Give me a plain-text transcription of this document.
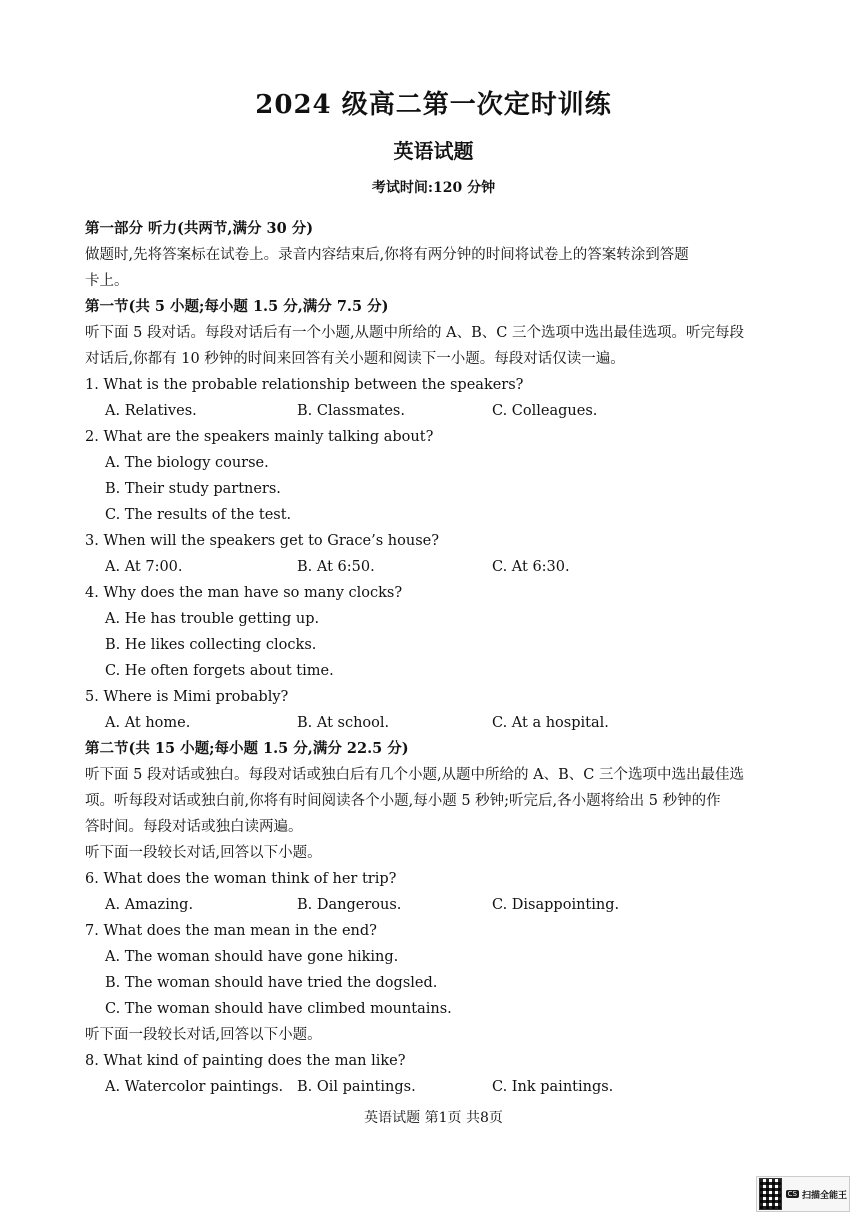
2024 级高二第一次定时训练
英语试题
考试时间:120 分钟
第一部分 听力(共两节,满分 30 分)
做题时,先将答案标在试卷上。录音内容结束后,你将有两分钟的时间将试卷上的答案转涂到答题
卡上。
第一节(共 5 小题;每小题 1.5 分,满分 7.5 分)
听下面 5 段对话。每段对话后有一个小题,从题中所给的 A、B、C 三个选项中选出最佳选项。听完每段
对话后,你都有 10 秒钟的时间来回答有关小题和阅读下一小题。每段对话仅读一遍。
1. What is the probable relationship between the speakers?
A. Relatives.	B. Classmates.	C. Colleagues.
2. What are the speakers mainly talking about?
A. The biology course.
B. Their study partners.
C. The results of the test.
3. When will the speakers get to Grace’s house?
A. At 7:00.	B. At 6:50.	C. At 6:30.
4. Why does the man have so many clocks?
A. He has trouble getting up.
B. He likes collecting clocks.
C. He often forgets about time.
5. Where is Mimi probably?
A. At home.	B. At school.	C. At a hospital.
第二节(共 15 小题;每小题 1.5 分,满分 22.5 分)
听下面 5 段对话或独白。每段对话或独白后有几个小题,从题中所给的 A、B、C 三个选项中选出最佳选
项。听每段对话或独白前,你将有时间阅读各个小题,每小题 5 秒钟;听完后,各小题将给出 5 秒钟的作
答时间。每段对话或独白读两遍。
听下面一段较长对话,回答以下小题。
6. What does the woman think of her trip?
A. Amazing.	B. Dangerous.	C. Disappointing.
7. What does the man mean in the end?
A. The woman should have gone hiking.
B. The woman should have tried the dogsled.
C. The woman should have climbed mountains.
听下面一段较长对话,回答以下小题。
8. What kind of painting does the man like?
A. Watercolor paintings. B. Oil paintings.	C. Ink paintings.
英语试题 第1页 共8页
CS 扫描全能王
